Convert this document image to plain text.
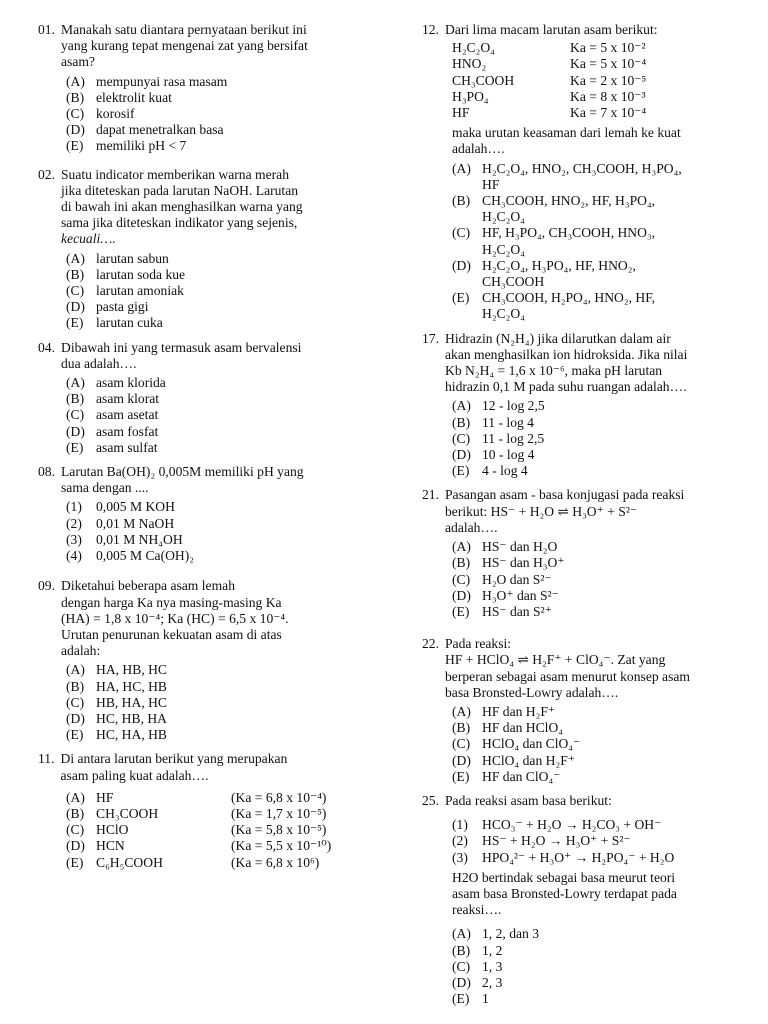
01. Manakah satu diantara pernyataan berikut ini
yang kurang tepat mengenai zat yang bersifat
asam?
(A) mempunyai rasa masam
(B) elektrolit kuat
(C) korosif
(D) dapat menetralkan basa
(E) memiliki pH < 7
02. Suatu indicator memberikan warna merah
jika diteteskan pada larutan NaOH. Larutan
di bawah ini akan menghasilkan warna yang
sama jika diteteskan indikator yang sejenis,
kecuali….
(A) larutan sabun
(B) larutan soda kue
(C) larutan amoniak
(D) pasta gigi
(E) larutan cuka
04. Dibawah ini yang termasuk asam bervalensi
dua adalah….
(A) asam klorida
(B) asam klorat
(C) asam asetat
(D) asam fosfat
(E) asam sulfat
08. Larutan Ba(OH)₂ 0,005M memiliki pH yang
sama dengan ....
(1)	0,005 M KOH
(2)	0,01 M NaOH
(3)	0,01 M NH₄OH
(4)	0,005 M Ca(OH)₂
09. Diketahui beberapa asam lemah
dengan harga Ka nya masing-masing Ka
(HA) = 1,8 x 10⁻⁴; Ka (HC) = 6,5 x 10⁻⁴.
Urutan penurunan kekuatan asam di atas
adalah:
(A) HA, HB, HC
(B) HA, HC, HB
(C) HB, HA, HC
(D) HC, HB, HA
(E) HC, HA, HB
11. Di antara larutan berikut yang merupakan
asam paling kuat adalah….
(A) HF	(Ka = 6,8 x 10⁻⁴)
(B) CH₃COOH	(Ka = 1,7 x 10⁻⁵)
(C) HClO	(Ka = 5,8 x 10⁻⁵)
(D) HCN	(Ka = 5,5 x 10⁻¹⁰)
(E) C₆H₅COOH	(Ka = 6,8 x 10⁶)
12. Dari lima macam larutan asam berikut:
H₂C₂O₄	Ka = 5 x 10⁻²
HNO₂	Ka = 5 x 10⁻⁴
CH₃COOH	Ka = 2 x 10⁻⁵
H₃PO₄	Ka = 8 x 10⁻³
HF	Ka = 7 x 10⁻⁴
maka urutan keasaman dari lemah ke kuat
adalah….
(A) H₂C₂O₄, HNO₂, CH₃COOH, H₃PO₄,
HF
(B) CH₃COOH, HNO₂, HF, H₃PO₄,
H₂C₂O₄
(C) HF, H₃PO₄, CH₃COOH, HNO₃,
H₂C₂O₄
(D) H₂C₂O₄, H₃PO₄, HF, HNO₂,
CH₃COOH
(E) CH₃COOH, H₂PO₄, HNO₂, HF,
H₂C₂O₄
17. Hidrazin (N₂H₄) jika dilarutkan dalam air
akan menghasilkan ion hidroksida. Jika nilai
Kb N₂H₄ = 1,6 x 10⁻⁶, maka pH larutan
hidrazin 0,1 M pada suhu ruangan adalah….
(A) 12 - log 2,5
(B) 11 - log 4
(C) 11 - log 2,5
(D) 10 - log 4
(E) 4 - log 4
21. Pasangan asam - basa konjugasi pada reaksi
berikut: HS⁻ + H₂O ⇌ H₃O⁺ + S²⁻
adalah….
(A) HS⁻ dan H₂O
(B) HS⁻ dan H₃O⁺
(C) H₂O dan S²⁻
(D) H₃O⁺ dan S²⁻
(E) HS⁻ dan S²⁺
22. Pada reaksi:
HF + HClO₄ ⇌ H₂F⁺ + ClO₄⁻. Zat yang
berperan sebagai asam menurut konsep asam
basa Bronsted-Lowry adalah….
(A) HF dan H₂F⁺
(B) HF dan HClO₄
(C) HClO₄ dan ClO₄⁻
(D) HClO₄ dan H₂F⁺
(E) HF dan ClO₄⁻
25. Pada reaksi asam basa berikut:
(1)	HCO₃⁻ + H₂O → H₂CO₃ + OH⁻
(2)	HS⁻ + H₂O → H₃O⁺ + S²⁻
(3)	HPO₄²⁻ + H₃O⁺ → H₂PO₄⁻ + H₂O
H2O bertindak sebagai basa meurut teori
asam basa Bronsted-Lowry terdapat pada
reaksi….
(A) 1, 2, dan 3
(B) 1, 2
(C) 1, 3
(D) 2, 3
(E) 1
